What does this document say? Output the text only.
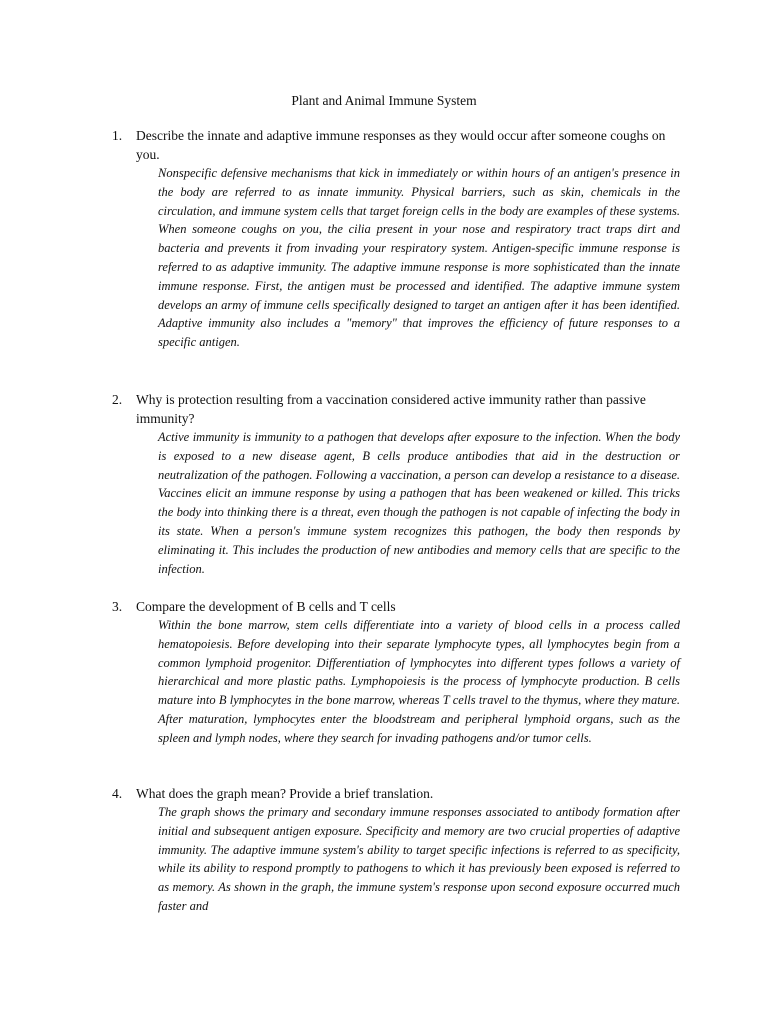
Plant and Animal Immune System
1. Describe the innate and adaptive immune responses as they would occur after someone coughs on you.
Nonspecific defensive mechanisms that kick in immediately or within hours of an antigen's presence in the body are referred to as innate immunity. Physical barriers, such as skin, chemicals in the circulation, and immune system cells that target foreign cells in the body are examples of these systems. When someone coughs on you, the cilia present in your nose and respiratory tract traps dirt and bacteria and prevents it from invading your respiratory system. Antigen-specific immune response is referred to as adaptive immunity. The adaptive immune response is more sophisticated than the innate immune response. First, the antigen must be processed and identified. The adaptive immune system develops an army of immune cells specifically designed to target an antigen after it has been identified. Adaptive immunity also includes a "memory" that improves the efficiency of future responses to a specific antigen.
2. Why is protection resulting from a vaccination considered active immunity rather than passive immunity?
Active immunity is immunity to a pathogen that develops after exposure to the infection. When the body is exposed to a new disease agent, B cells produce antibodies that aid in the destruction or neutralization of the pathogen. Following a vaccination, a person can develop a resistance to a disease. Vaccines elicit an immune response by using a pathogen that has been weakened or killed. This tricks the body into thinking there is a threat, even though the pathogen is not capable of infecting the body in its state. When a person's immune system recognizes this pathogen, the body then responds by eliminating it. This includes the production of new antibodies and memory cells that are specific to the infection.
3. Compare the development of B cells and T cells
Within the bone marrow, stem cells differentiate into a variety of blood cells in a process called hematopoiesis. Before developing into their separate lymphocyte types, all lymphocytes begin from a common lymphoid progenitor. Differentiation of lymphocytes into different types follows a variety of hierarchical and more plastic paths. Lymphopoiesis is the process of lymphocyte production. B cells mature into B lymphocytes in the bone marrow, whereas T cells travel to the thymus, where they mature. After maturation, lymphocytes enter the bloodstream and peripheral lymphoid organs, such as the spleen and lymph nodes, where they search for invading pathogens and/or tumor cells.
4. What does the graph mean? Provide a brief translation.
The graph shows the primary and secondary immune responses associated to antibody formation after initial and subsequent antigen exposure. Specificity and memory are two crucial properties of adaptive immunity. The adaptive immune system's ability to target specific infections is referred to as specificity, while its ability to respond promptly to pathogens to which it has previously been exposed is referred to as memory. As shown in the graph, the immune system's response upon second exposure occurred much faster and
